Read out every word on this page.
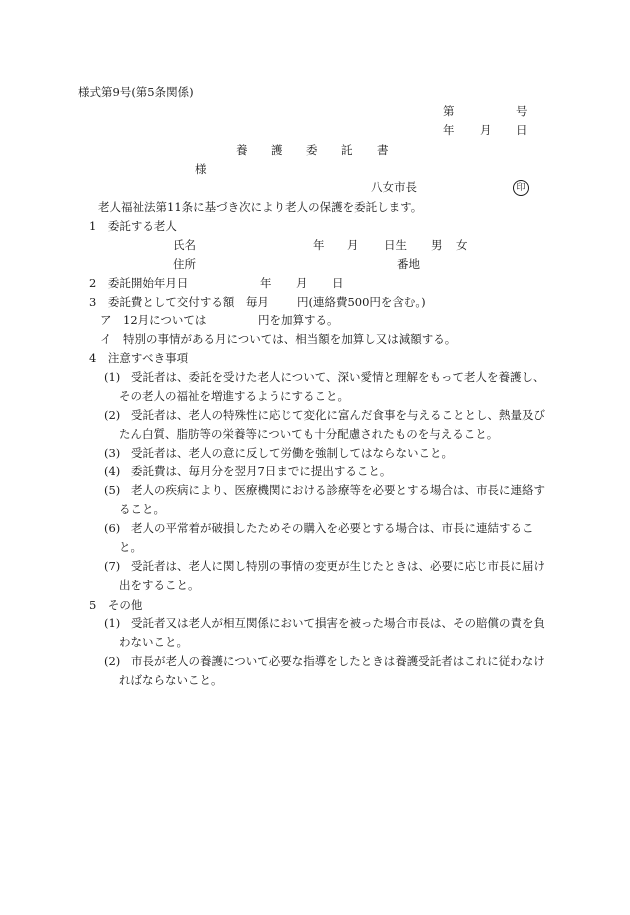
様式第9号(第5条関係)
第	号
年 月 日
養 護 委 託 書
様
八女市長	印
老人福祉法第11条に基づき次により老人の保護を委託します。
1　委託する老人
氏名	年 月 日生 男 女
住所	番地
2　委託開始年月日	年 月 日
3　委託費として交付する額　毎月 円(連絡費500円を含む。)
ア　12月については	円を加算する。
イ　特別の事情がある月については、相当額を加算し又は減額する。
4　注意すべき事項
(1) 受託者は、委託を受けた老人について、深い愛情と理解をもって老人を養護し、その老人の福祉を増進するようにすること。
(2) 受託者は、老人の特殊性に応じて変化に富んだ食事を与えることとし、熱量及びたん白質、脂肪等の栄養等についても十分配慮されたものを与えること。
(3) 受託者は、老人の意に反して労働を強制してはならないこと。
(4) 委託費は、毎月分を翌月7日までに提出すること。
(5) 老人の疾病により、医療機関における診療等を必要とする場合は、市長に連絡すること。
(6) 老人の平常着が破損したためその購入を必要とする場合は、市長に連結すること。
(7) 受託者は、老人に関し特別の事情の変更が生じたときは、必要に応じ市長に届け出をすること。
5　その他
(1) 受託者又は老人が相互関係において損害を被った場合市長は、その賠償の責を負わないこと。
(2) 市長が老人の養護について必要な指導をしたときは養護受託者はこれに従わなければならないこと。
